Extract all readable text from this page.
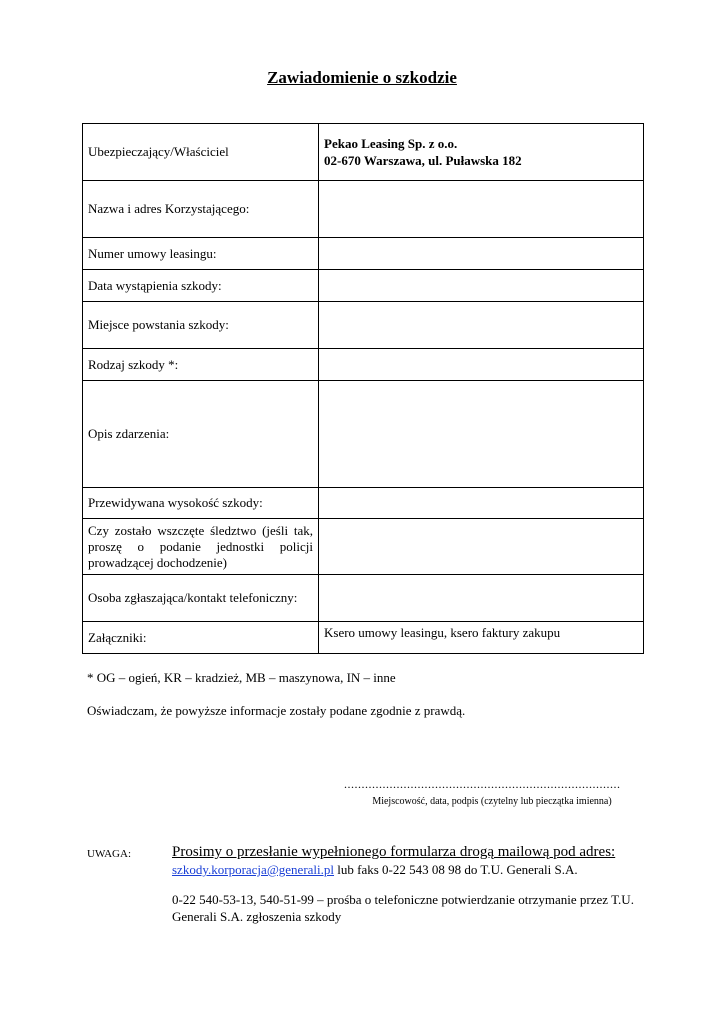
Zawiadomienie o szkodzie
Ubezpieczający/Właściciel	Pekao Leasing Sp. z o.o.
02-670 Warszawa, ul. Puławska 182

Nazwa i adres Korzystającego:	
Numer umowy leasingu:	
Data wystąpienia szkody:	
Miejsce powstania szkody:	
Rodzaj szkody *:	
Opis zdarzenia:	
Przewidywana wysokość szkody:	
Czy zostało wszczęte śledztwo (jeśli tak, proszę o podanie jednostki policji prowadzącej dochodzenie)	
Osoba zgłaszająca/kontakt telefoniczny:	
Załączniki:	Ksero umowy leasingu, ksero faktury zakupu
* OG – ogień, KR – kradzież, MB – maszynowa, IN – inne
Oświadczam, że powyższe informacje zostały podane zgodnie z prawdą.
...............................................................................
Miejscowość, data, podpis (czytelny lub pieczątka imienna)
UWAGA:	Prosimy o przesłanie wypełnionego formularza drogą mailową pod adres:
szkody.korporacja@generali.pl lub faks 0-22 543 08 98 do T.U. Generali S.A.
0-22 540-53-13, 540-51-99 – prośba o telefoniczne potwierdzanie otrzymanie przez T.U. Generali S.A. zgłoszenia szkody
